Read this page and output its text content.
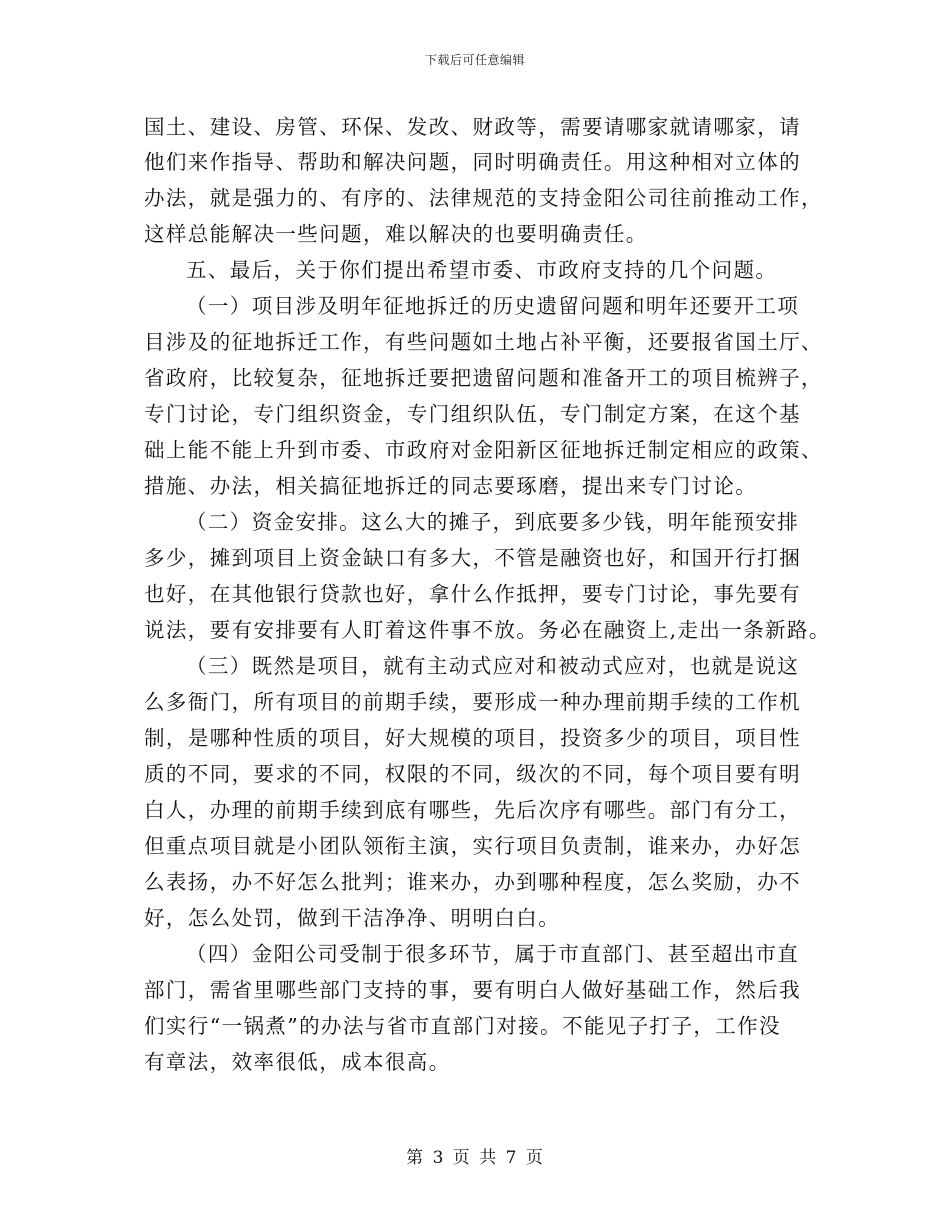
下载后可任意编辑
国土、建设、房管、环保、发改、财政等，需要请哪家就请哪家，请
他们来作指导、帮助和解决问题，同时明确责任。用这种相对立体的
办法，就是强力的、有序的、法律规范的支持金阳公司往前推动工作，
这样总能解决一些问题，难以解决的也要明确责任。
五、最后，关于你们提出希望市委、市政府支持的几个问题。
（一）项目涉及明年征地拆迁的历史遗留问题和明年还要开工项
目涉及的征地拆迁工作，有些问题如土地占补平衡，还要报省国土厅、
省政府，比较复杂，征地拆迁要把遗留问题和准备开工的项目梳辨子，
专门讨论，专门组织资金，专门组织队伍，专门制定方案，在这个基
础上能不能上升到市委、市政府对金阳新区征地拆迁制定相应的政策、
措施、办法，相关搞征地拆迁的同志要琢磨，提出来专门讨论。
（二）资金安排。这么大的摊子，到底要多少钱，明年能预安排
多少，摊到项目上资金缺口有多大，不管是融资也好，和国开行打捆
也好，在其他银行贷款也好，拿什么作抵押，要专门讨论，事先要有
说法，要有安排要有人盯着这件事不放。务必在融资上,走出一条新路。
（三）既然是项目，就有主动式应对和被动式应对，也就是说这
么多衙门，所有项目的前期手续，要形成一种办理前期手续的工作机
制，是哪种性质的项目，好大规模的项目，投资多少的项目，项目性
质的不同，要求的不同，权限的不同，级次的不同，每个项目要有明
白人，办理的前期手续到底有哪些，先后次序有哪些。部门有分工，
但重点项目就是小团队领衔主演，实行项目负责制，谁来办，办好怎
么表扬，办不好怎么批判；谁来办，办到哪种程度，怎么奖励，办不
好，怎么处罚，做到干洁净净、明明白白。
（四）金阳公司受制于很多环节，属于市直部门、甚至超出市直
部门，需省里哪些部门支持的事，要有明白人做好基础工作，然后我
们实行“一锅煮”的办法与省市直部门对接。不能见子打子，工作没
有章法，效率很低，成本很高。
第 3 页 共 7 页
